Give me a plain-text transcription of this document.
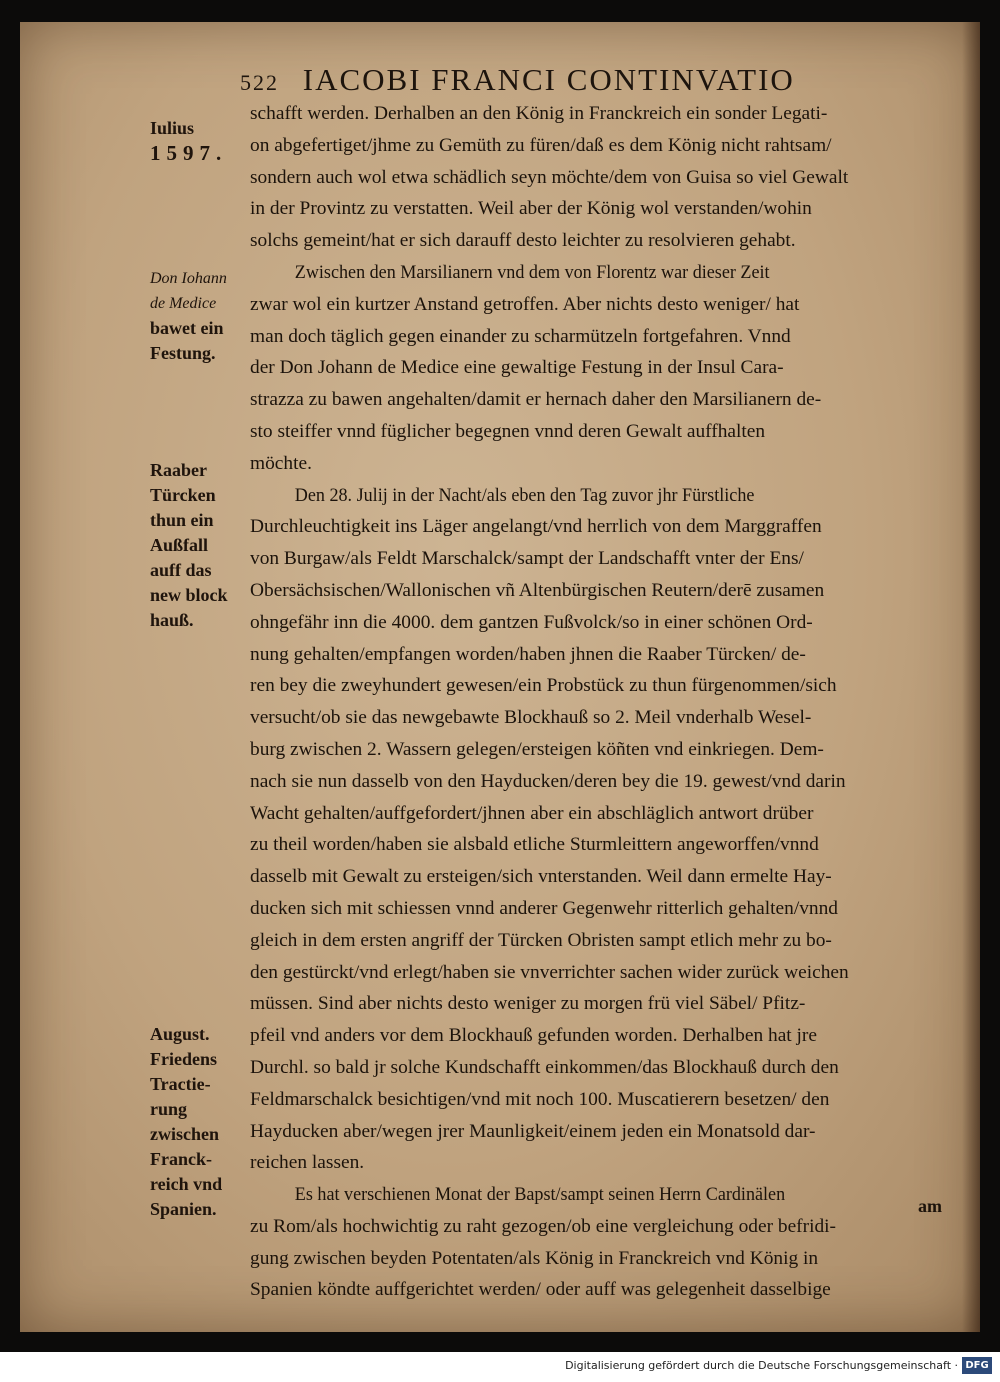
522 IACOBI FRANCI CONTINVATIO
Iulius
1597.
Don Iohann
de Medice
bawet ein
Festung.
Raaber
Türcken
thun ein
Außfall
auff das
new block
hauß.
August.
Friedens
Tractie-
rung
zwischen
Franck-
reich vnd
Spanien.
schafft werden. Derhalben an den König in Franckreich ein sonder Legati-
on abgefertiget/jhme zu Gemüth zu füren/daß es dem König nicht rahtsam/
sondern auch wol etwa schädlich seyn möchte/dem von Guisa so viel Gewalt
in der Provintz zu verstatten. Weil aber der König wol verstanden/wohin
solchs gemeint/hat er sich darauff desto leichter zu resolvieren gehabt.
Zwischen den Marsilianern vnd dem von Florentz war dieser Zeit
zwar wol ein kurtzer Anstand getroffen. Aber nichts desto weniger/ hat
man doch täglich gegen einander zu scharmützeln fortgefahren. Vnnd
der Don Johann de Medice eine gewaltige Festung in der Insul Cara-
strazza zu bawen angehalten/damit er hernach daher den Marsilianern de-
sto steiffer vnnd füglicher begegnen vnnd deren Gewalt auffhalten
möchte.
Den 28. Julij in der Nacht/als eben den Tag zuvor jhr Fürstliche
Durchleuchtigkeit ins Läger angelangt/vnd herrlich von dem Marggraffen
von Burgaw/als Feldt Marschalck/sampt der Landschafft vnter der Ens/
Obersächsischen/Wallonischen vñ Altenbürgischen Reutern/derē zusamen
ohngefähr inn die 4000. dem gantzen Fußvolck/so in einer schönen Ord-
nung gehalten/empfangen worden/haben jhnen die Raaber Türcken/ de-
ren bey die zweyhundert gewesen/ein Probstück zu thun fürgenommen/sich
versucht/ob sie das newgebawte Blockhauß so 2. Meil vnderhalb Wesel-
burg zwischen 2. Wassern gelegen/ersteigen köñten vnd einkriegen. Dem-
nach sie nun dasselb von den Hayducken/deren bey die 19. gewest/vnd darin
Wacht gehalten/auffgefordert/jhnen aber ein abschläglich antwort drüber
zu theil worden/haben sie alsbald etliche Sturmleittern angeworffen/vnnd
dasselb mit Gewalt zu ersteigen/sich vnterstanden. Weil dann ermelte Hay-
ducken sich mit schiessen vnnd anderer Gegenwehr ritterlich gehalten/vnnd
gleich in dem ersten angriff der Türcken Obristen sampt etlich mehr zu bo-
den gestürckt/vnd erlegt/haben sie vnverrichter sachen wider zurück weichen
müssen. Sind aber nichts desto weniger zu morgen frü viel Säbel/ Pfitz-
pfeil vnd anders vor dem Blockhauß gefunden worden. Derhalben hat jre
Durchl. so bald jr solche Kundschafft einkommen/das Blockhauß durch den
Feldmarschalck besichtigen/vnd mit noch 100. Muscatierern besetzen/ den
Hayducken aber/wegen jrer Maunligkeit/einem jeden ein Monatsold dar-
reichen lassen.
Es hat verschienen Monat der Bapst/sampt seinen Herrn Cardinälen
zu Rom/als hochwichtig zu raht gezogen/ob eine vergleichung oder befridi-
gung zwischen beyden Potentaten/als König in Franckreich vnd König in
Spanien köndte auffgerichtet werden/ oder auff was gelegenheit dasselbige
am
Digitalisierung gefördert durch die Deutsche Forschungsgemeinschaft · DFG
